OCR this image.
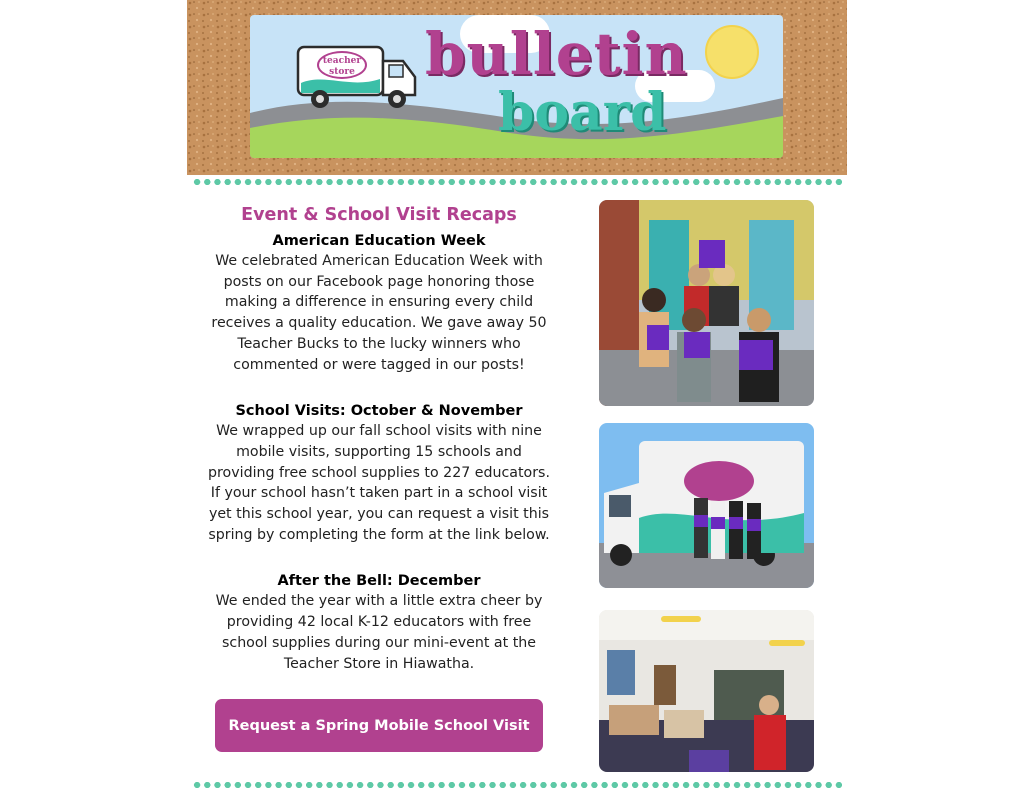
teacher store bulletin
board

Event & School Visit Recaps

American Education Week

We celebrated American Education Week with posts on our Facebook page honoring those making a difference in ensuring every child receives a quality education. We gave away 50 Teacher Bucks to the lucky winners who commented or were tagged in our posts!

School Visits: October & November

We wrapped up our fall school visits with nine mobile visits, supporting 15 schools and providing free school supplies to 227 educators. If your school hasn’t taken part in a school visit yet this school year, you can request a visit this spring by completing the form at the link below.

After the Bell: December

We ended the year with a little extra cheer by providing 42 local K-12 educators with free school supplies during our mini-event at the Teacher Store in Hiawatha.

Request a Spring Mobile School Visit
